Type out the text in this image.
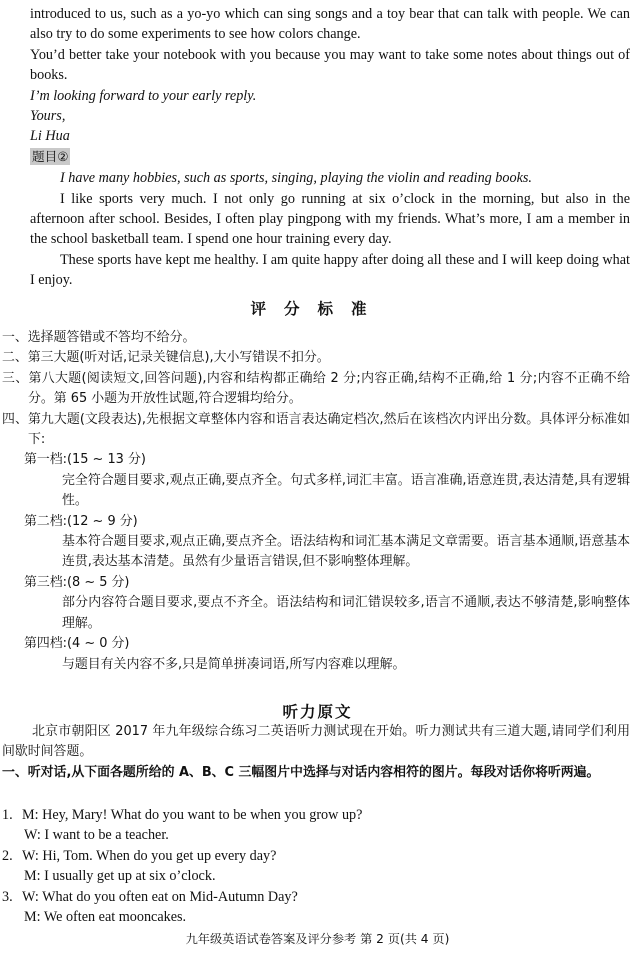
introduced to us, such as a yo-yo which can sing songs and a toy bear that can talk with people. We can also try to do some experiments to see how colors change.

You’d better take your notebook with you because you may want to take some notes about things out of books.

I’m looking forward to your early reply.

Yours,

Li Hua

题目②

I have many hobbies, such as sports, singing, playing the violin and reading books.

I like sports very much. I not only go running at six o’clock in the morning, but also in the afternoon after school. Besides, I often play pingpong with my friends. What’s more, I am a member in the school basketball team. I spend one hour training every day.

These sports have kept me healthy. I am quite happy after doing all these and I will keep doing what I enjoy.

评分标准

一、选择题答错或不答均不给分。

二、第三大题(听对话,记录关键信息),大小写错误不扣分。

三、第八大题(阅读短文,回答问题),内容和结构都正确给 2 分;内容正确,结构不正确,给 1 分;内容不正确不给分。第 65 小题为开放性试题,符合逻辑均给分。

四、第九大题(文段表达),先根据文章整体内容和语言表达确定档次,然后在该档次内评出分数。具体评分标准如下:

第一档:(15 ~ 13 分)

完全符合题目要求,观点正确,要点齐全。句式多样,词汇丰富。语言准确,语意连贯,表达清楚,具有逻辑性。

第二档:(12 ~ 9 分)

基本符合题目要求,观点正确,要点齐全。语法结构和词汇基本满足文章需要。语言基本通顺,语意基本连贯,表达基本清楚。虽然有少量语言错误,但不影响整体理解。

第三档:(8 ~ 5 分)

部分内容符合题目要求,要点不齐全。语法结构和词汇错误较多,语言不通顺,表达不够清楚,影响整体理解。

第四档:(4 ~ 0 分)

与题目有关内容不多,只是简单拼凑词语,所写内容难以理解。

听力原文

北京市朝阳区 2017 年九年级综合练习二英语听力测试现在开始。听力测试共有三道大题,请同学们利用间歇时间答题。

一、听对话,从下面各题所给的 A、B、C 三幅图片中选择与对话内容相符的图片。每段对话你将听两遍。

1. M: Hey, Mary! What do you want to be when you grow up?

W: I want to be a teacher.

2. W: Hi, Tom. When do you get up every day?

M: I usually get up at six o’clock.

3. W: What do you often eat on Mid-Autumn Day?

M: We often eat mooncakes.

九年级英语试卷答案及评分参考 第 2 页(共 4 页)
